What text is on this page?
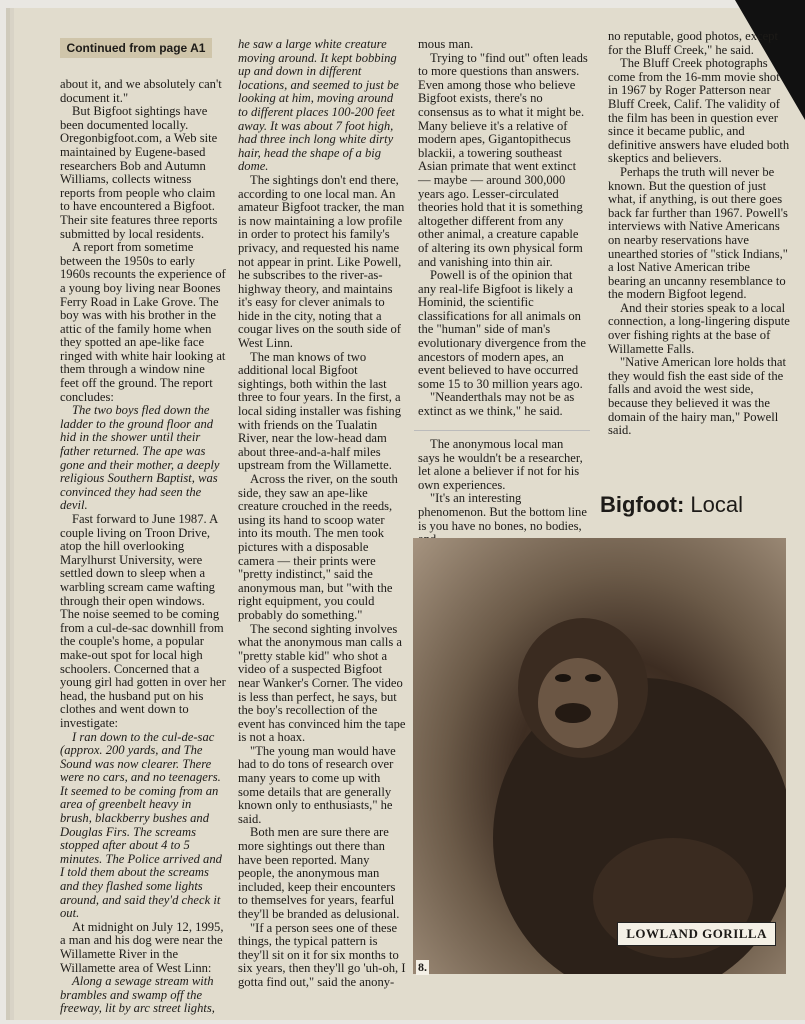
Continued from page A1

about it, and we absolutely can't document it."

But Bigfoot sightings have been documented locally. Oregonbigfoot.com, a Web site maintained by Eugene-based researchers Bob and Autumn Williams, collects witness reports from people who claim to have encountered a Bigfoot. Their site features three reports submitted by local residents.

A report from sometime between the 1950s to early 1960s recounts the experience of a young boy living near Boones Ferry Road in Lake Grove. The boy was with his brother in the attic of the family home when they spotted an ape-like face ringed with white hair looking at them through a window nine feet off the ground. The report concludes:

The two boys fled down the ladder to the ground floor and hid in the shower until their father returned. The ape was gone and their mother, a deeply religious Southern Baptist, was convinced they had seen the devil.

Fast forward to June 1987. A couple living on Troon Drive, atop the hill overlooking Marylhurst University, were settled down to sleep when a warbling scream came wafting through their open windows. The noise seemed to be coming from a cul-de-sac downhill from the couple's home, a popular make-out spot for local high schoolers. Concerned that a young girl had gotten in over her head, the husband put on his clothes and went down to investigate:

I ran down to the cul-de-sac (approx. 200 yards, and The Sound was now clearer. There were no cars, and no teenagers. It seemed to be coming from an area of greenbelt heavy in brush, blackberry bushes and Douglas Firs. The screams stopped after about 4 to 5 minutes. The Police arrived and I told them about the screams and they flashed some lights around, and said they'd check it out.

At midnight on July 12, 1995, a man and his dog were near the Willamette River in the Willamette area of West Linn:

Along a sewage stream with brambles and swamp off the freeway, lit by arc street lights,

he saw a large white creature moving around. It kept bobbing up and down in different locations, and seemed to just be looking at him, moving around to different places 100-200 feet away. It was about 7 foot high, had three inch long white dirty hair, head the shape of a big dome.

The sightings don't end there, according to one local man. An amateur Bigfoot tracker, the man is now maintaining a low profile in order to protect his family's privacy, and requested his name not appear in print. Like Powell, he subscribes to the river-as-highway theory, and maintains it's easy for clever animals to hide in the city, noting that a cougar lives on the south side of West Linn.

The man knows of two additional local Bigfoot sightings, both within the last three to four years. In the first, a local siding installer was fishing with friends on the Tualatin River, near the low-head dam about three-and-a-half miles upstream from the Willamette.

Across the river, on the south side, they saw an ape-like creature crouched in the reeds, using its hand to scoop water into its mouth. The men took pictures with a disposable camera — their prints were "pretty indistinct," said the anonymous man, but "with the right equipment, you could probably do something."

The second sighting involves what the anonymous man calls a "pretty stable kid" who shot a video of a suspected Bigfoot near Wanker's Corner. The video is less than perfect, he says, but the boy's recollection of the event has convinced him the tape is not a hoax.

"The young man would have had to do tons of research over many years to come up with some details that are generally known only to enthusiasts," he said.

Both men are sure there are more sightings out there than have been reported. Many people, the anonymous man included, keep their encounters to themselves for years, fearful they'll be branded as delusional.

"If a person sees one of these things, the typical pattern is they'll sit on it for six months to six years, then they'll go 'uh-oh, I gotta find out," said the anony-

mous man.

Trying to "find out" often leads to more questions than answers. Even among those who believe Bigfoot exists, there's no consensus as to what it might be. Many believe it's a relative of modern apes, Gigantopithecus blackii, a towering southeast Asian primate that went extinct — maybe — around 300,000 years ago. Lesser-circulated theories hold that it is something altogether different from any other animal, a creature capable of altering its own physical form and vanishing into thin air.

Powell is of the opinion that any real-life Bigfoot is likely a Hominid, the scientific classifications for all animals on the "human" side of man's evolutionary divergence from the ancestors of modern apes, an event believed to have occurred some 15 to 30 million years ago.

"Neanderthals may not be as extinct as we think," he said.

The anonymous local man says he wouldn't be a researcher, let alone a believer if not for his own experiences.

"It's an interesting phenomenon. But the bottom line is you have no bones, no bodies,

no reputable, good photos, except for the Bluff Creek," he said.

The Bluff Creek photographs come from the 16-mm movie shot in 1967 by Roger Patterson near Bluff Creek, Calif. The validity of the film has been in question ever since it became public, and definitive answers have eluded both skeptics and believers.

Perhaps the truth will never be known. But the question of just what, if anything, is out there goes back far further than 1967. Powell's interviews with Native Americans on nearby reservations have unearthed stories of "stick Indians," a lost Native American tribe bearing an uncanny resemblance to the modern Bigfoot legend.

And their stories speak to a local connection, a long-lingering dispute over fishing rights at the base of Willamette Falls.

"Native American lore holds that they would fish the east side of the falls and avoid the west side, because they believed it was the domain of the hairy man," Powell said.

Bigfoot: Local
LOWLAND GORILLA
8.
